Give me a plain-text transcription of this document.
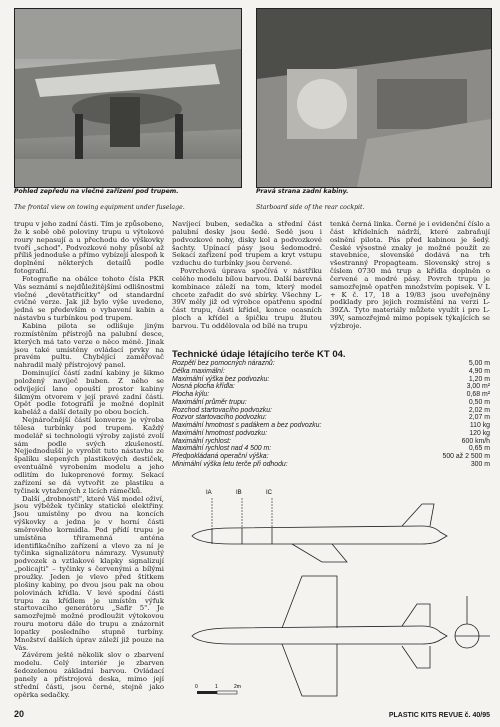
Pohled zepředu na vlečné zařízení pod trupem.

The frontal view on towing equipment under fuselage.
Pravá strana zadní kabiny.

Starboard side of the rear cockpit.

trupu v jeho zadní části. Tím je způsobeno, že k sobě obě poloviny trupu u výtokové roury nepasují a u přechodu do výškovky tvoří „schod". Podvozkové nohy působí až příliš jednoduše a přímo vybízejí alespoň k doplnění některých detailů podle fotografií.

Fotografie na obálce tohoto čísla PKR Vás seznámí s nejdůležitějšími odlišnostmi vlečné „devětatřicítky" od standardní cvičné verze. Jak již bylo výše uvedeno, jedná se především o vybavení kabin a nástavbu s turbínkou pod trupem.

Kabina pilota se odlišuje jiným rozmístěním přístrojů na palubní desce, kterých má tato verze o něco méně. Jinak jsou také umístěny ovládací prvky na pravém pultu. Chybějící zaměřovač nahradil malý přístrojový panel.

Dominující částí zadní kabiny je šikmo položený navíječ buben. Z něho se odvíjející lano opouští prostor kabiny šikmým otvorem v její pravé zadní části. Opět podle fotografií je možné doplnit kabeláž a další detaily po obou bocích.

Nejnáročnější částí konverze je výroba tělesa turbínky pod trupem. Každý modelář si technologii výroby zajisté zvolí sám podle svých zkušeností. Nejjednodušší je vyrobit tuto nástavbu ze špalíku slepených plastikových destiček, eventuálně vyrobením modelu a jeho odlitím do lukoprenové formy. Sekací zařízení se dá vytvořit ze plastiku a tyčinek vytažených z licích rámečků.

Další „drobností", které Váš model oživí, jsou výběžek tyčinky statické elektřiny. Jsou umístěny po dvou na koncích výškovky a jedna je v horní části směrového kormidla. Pod přídí trupu je umístěna třiramenná anténa identifikačního zařízení a vlevo za ní je tyčinka signalizátoru námrazy. Vysunutý podvozek a vztlakové klapky signalizují „policajti" – tyčinky s červenými a bílými proužky. Jeden je vlevo před štítkem plošiny kabiny, po dvou jsou pak na obou polovinách křídla. V levé spodní části trupu za křídlem je umístěn výfuk startovacího generátoru „Safir 5". Je samozřejmě možné prodloužit výtokovou rouru motoru dále do trupu a znázornit lopatky posledního stupně turbíny. Množství dalších úprav záleží již pouze na Vás.

Závěrem ještě několik slov o zbarvení modelu. Celý interiér je zbarven šedozelenou základní barvou. Ovládací panely a přístrojová deska, mimo její střední části, jsou černé, stejně jako opěrka sedačky.

Navíjecí buben, sedačka a střední část palubní desky jsou šedé. Sedě jsou i podvozkové nohy, disky kol a podvozkové šachty. Upínací pásy jsou šedomodré. Sekací zařízení pod trupem a kryt vstupu vzduchu do turbínky jsou červené.

Povrchová úprava spočívá v nástřiku celého modelu bílou barvou. Další barevná kombinace záleží na tom, který model chcete zařadit do své sbírky. Všechny L-39V měly již od výrobce opatřenu spodní část trupu, části křídel, konce ocasních ploch a křídel a špičku trupu žlutou barvou. Tu oddělovala od bílé na trupu

tenká černá linka. Černé je i evidenční číslo a část křídelních nádrží, které zabraňují oslnění pilota. Pás před kabinou je šedý. České výsostné znaky je možné použít ze stavebnice, slovenské dodává na trh všestranný Propagteam. Slovenský stroj s číslem 0730 má trup a křídla doplněn o červené a modré pásy. Povrch trupu je samozřejmě opatřen množstvím popisek. V L + K č. 17, 18 a 19/83 jsou uveřejněny podklady pro jejich rozmístění na verzi L-39ZA. Tyto materiály můžete využít i pro L- 39V, samozřejmě mimo popisek týkajících se výzbroje.

Technické údaje létajícího terče KT 04.
Rozpětí bez pomocných náraznů:	5,00 m
Délka maximální:	4,90 m
Maximální výška bez podvozku:	1,20 m
Nosná plocha křídla:	3,00 m²
Plocha kýlu:	0,68 m²
Maximální průměr trupu:	0,50 m
Rozchod startovacího podvozku:	2,02 m
Rozvor startovacího podvozku:	2,07 m
Maximální hmotnost s padákem a bez podvozku:	110 kg
Maximální hmotnost podvozku:	120 kg
Maximální rychlost:	600 km/h
Maximální rychlost nad 4 500 m:	0,65 m
Předpokládaná operační výška:	500 až 2 500 m
Minimální výška letu terče při odhodu:	300 m
IA	IB	IC
0	1	2m
20	PLASTIC KITS REVUE č. 40/95
